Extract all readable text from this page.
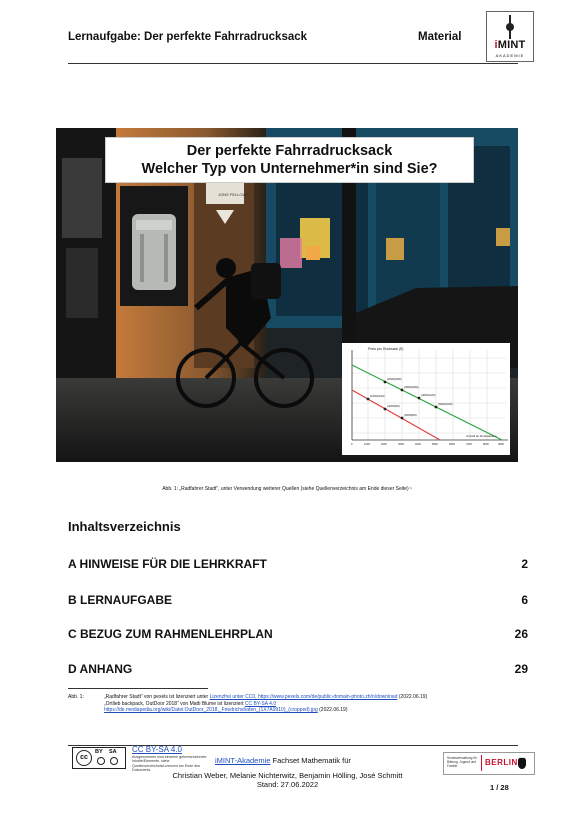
Lernaufgabe: Der perfekte Fahrradrucksack	Material
iMINT
AKADEMIE
Preis pro Rucksack (€)
Anzahl an Rucksäcken
(2000|180)
(3000|150)
(1000|120)	(4000|120)
(4000|90)	(6000|100)
(3000|60)
0	1000	2000	3000	4000	5000	6000	7000	8000	9000
JONS FELLOWS
Der perfekte Fahrradrucksack
Welcher Typ von Unternehmer*in sind Sie?
Abb. 1: „Radfahrer Stadt“, unter Verwendung weiterer Quellen (siehe Quellenverzeichnis am Ende dieser Seite) ¹
Inhaltsverzeichnis
A HINWEISE FÜR DIE LEHRKRAFT	2
B LERNAUFGABE	6
C BEZUG ZUM RAHMENLEHRPLAN	26
D ANHANG	29
Abb. 1:	„Radfahrer Stadt“ von pexels ist lizenziert unter Lizenzfrei unter CC0, https://www.pexels.com/de/public-domain-photo.zh/n/download (2022.06.19)
„Ortlieb backpack, OutDoor 2018“ von Matti Blume ist lizenziert CC BY-SA 4.0
https://de.mediapedia.org/wiki/Datei:OutDoor_2018,_Friedrichshafen_(1X7A9910)_(cropped).jpg (2022.06.19)
cc
BY SA CC BY-SA 4.0
Ausgenommen sind einzelne gekennzeichnete Inhalte/Elemente, siehe Quellenverzeichnis/Lizenzen am Ende des Dokuments.
iMINT-Akademie Fachset Mathematik für
Christian Weber, Melanie Nichterwitz, Benjamin Hölling, José Schmitt
Stand: 27.06.2022
Senatsverwaltung für Bildung, Jugend und Familie	BERLIN
1 / 28
